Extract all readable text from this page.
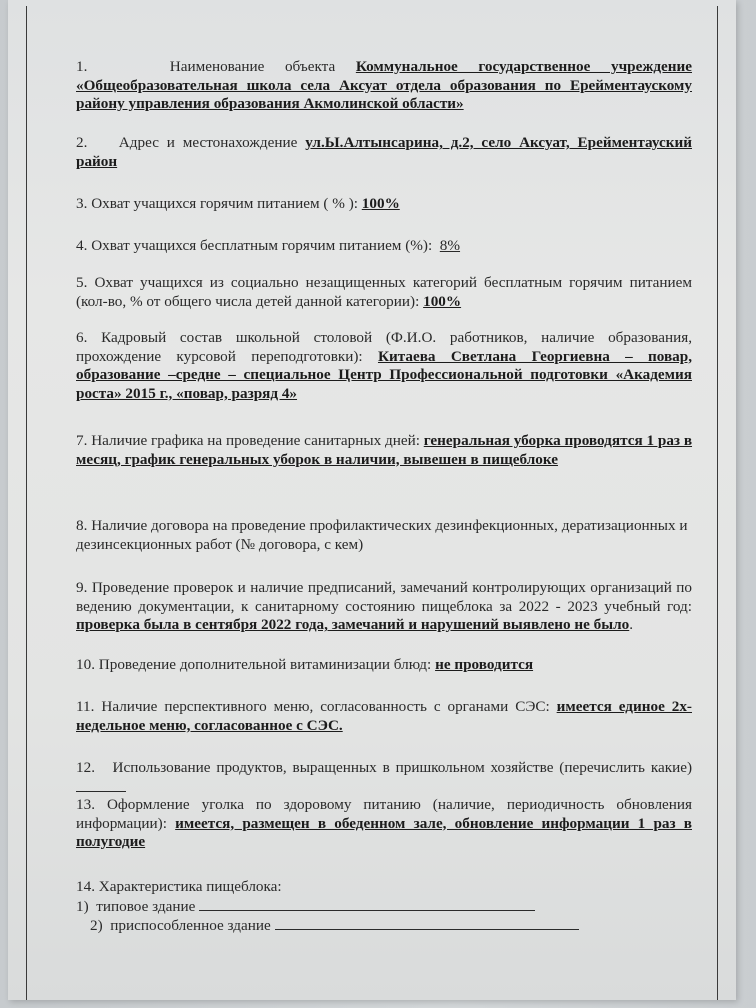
1.	Наименование объекта Коммунальное государственное учреждение «Общеобразовательная школа села Аксуат отдела образования по Ерейментаускому району управления образования Акмолинской области»

2. Адрес и местонахождение ул.Ы.Алтынсарина, д.2, село Аксуат, Ерейментауский район

3. Охват учащихся горячим питанием ( % ): 100%

4. Охват учащихся бесплатным горячим питанием (%): 8%

5. Охват учащихся из социально незащищенных категорий бесплатным горячим питанием (кол-во, % от общего числа детей данной категории): 100%

6. Кадровый состав школьной столовой (Ф.И.О. работников, наличие образования, прохождение курсовой переподготовки): Китаева Светлана Георгиевна – повар, образование –средне – специальное Центр Профессиональной подготовки «Академия роста» 2015 г., «повар, разряд 4»

7. Наличие графика на проведение санитарных дней: генеральная уборка проводятся 1 раз в месяц, график генеральных уборок в наличии, вывешен в пищеблоке

8. Наличие договора на проведение профилактических дезинфекционных, дератизационных и дезинсекционных работ (№ договора, с кем)

9. Проведение проверок и наличие предписаний, замечаний контролирующих организаций по ведению документации, к санитарному состоянию пищеблока за 2022 - 2023 учебный год: проверка была в сентября 2022 года, замечаний и нарушений выявлено не было.

10. Проведение дополнительной витаминизации блюд: не проводится

11. Наличие перспективного меню, согласованность с органами СЭС: имеется единое 2х-недельное меню, согласованное с СЭС.

12. Использование продуктов, выращенных в пришкольном хозяйстве (перечислить какие)

13. Оформление уголка по здоровому питанию (наличие, периодичность обновления информации): имеется, размещен в обеденном зале, обновление информации 1 раз в полугодие

14. Характеристика пищеблока:

1) типовое здание

2) приспособленное здание
